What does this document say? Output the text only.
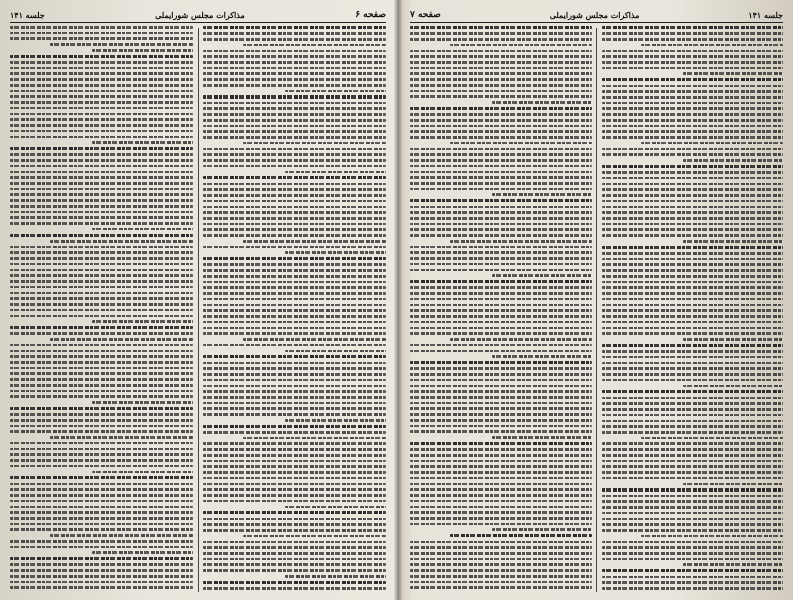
صفحه ۶
مذاکرات مجلس شورایملی
جلسه ۱۴۱	جلسه ۱۴۱
مذاکرات مجلس شورایملی
صفحه ۷
